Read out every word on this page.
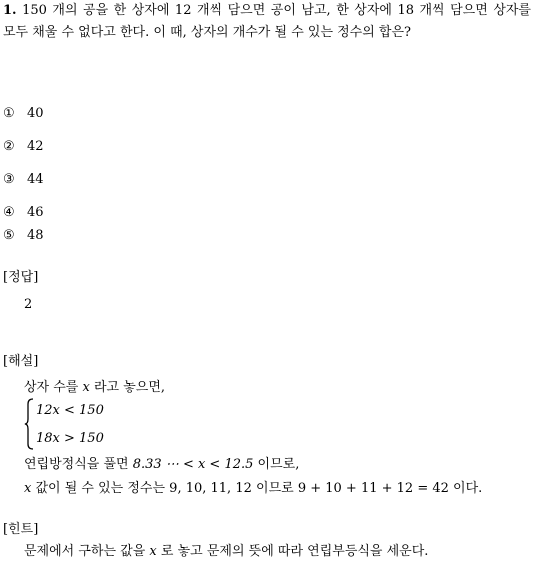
1. 150 개의 공을 한 상자에 12 개씩 담으면 공이 남고, 한 상자에 18 개씩 담으면 상자를 모두 채울 수 없다고 한다. 이 때, 상자의 개수가 될 수 있는 정수의 합은?
① 40
② 42
③ 44
④ 46
⑤ 48
[정답]
2
[해설]
상자 수를 x 라고 놓으면,
12x < 150
18x > 150
연립방정식을 풀면 8.33 ⋯ < x < 12.5 이므로,
x 값이 될 수 있는 정수는 9, 10, 11, 12 이므로 9 + 10 + 11 + 12 = 42 이다.
[힌트]
문제에서 구하는 값을 x 로 놓고 문제의 뜻에 따라 연립부등식을 세운다.
